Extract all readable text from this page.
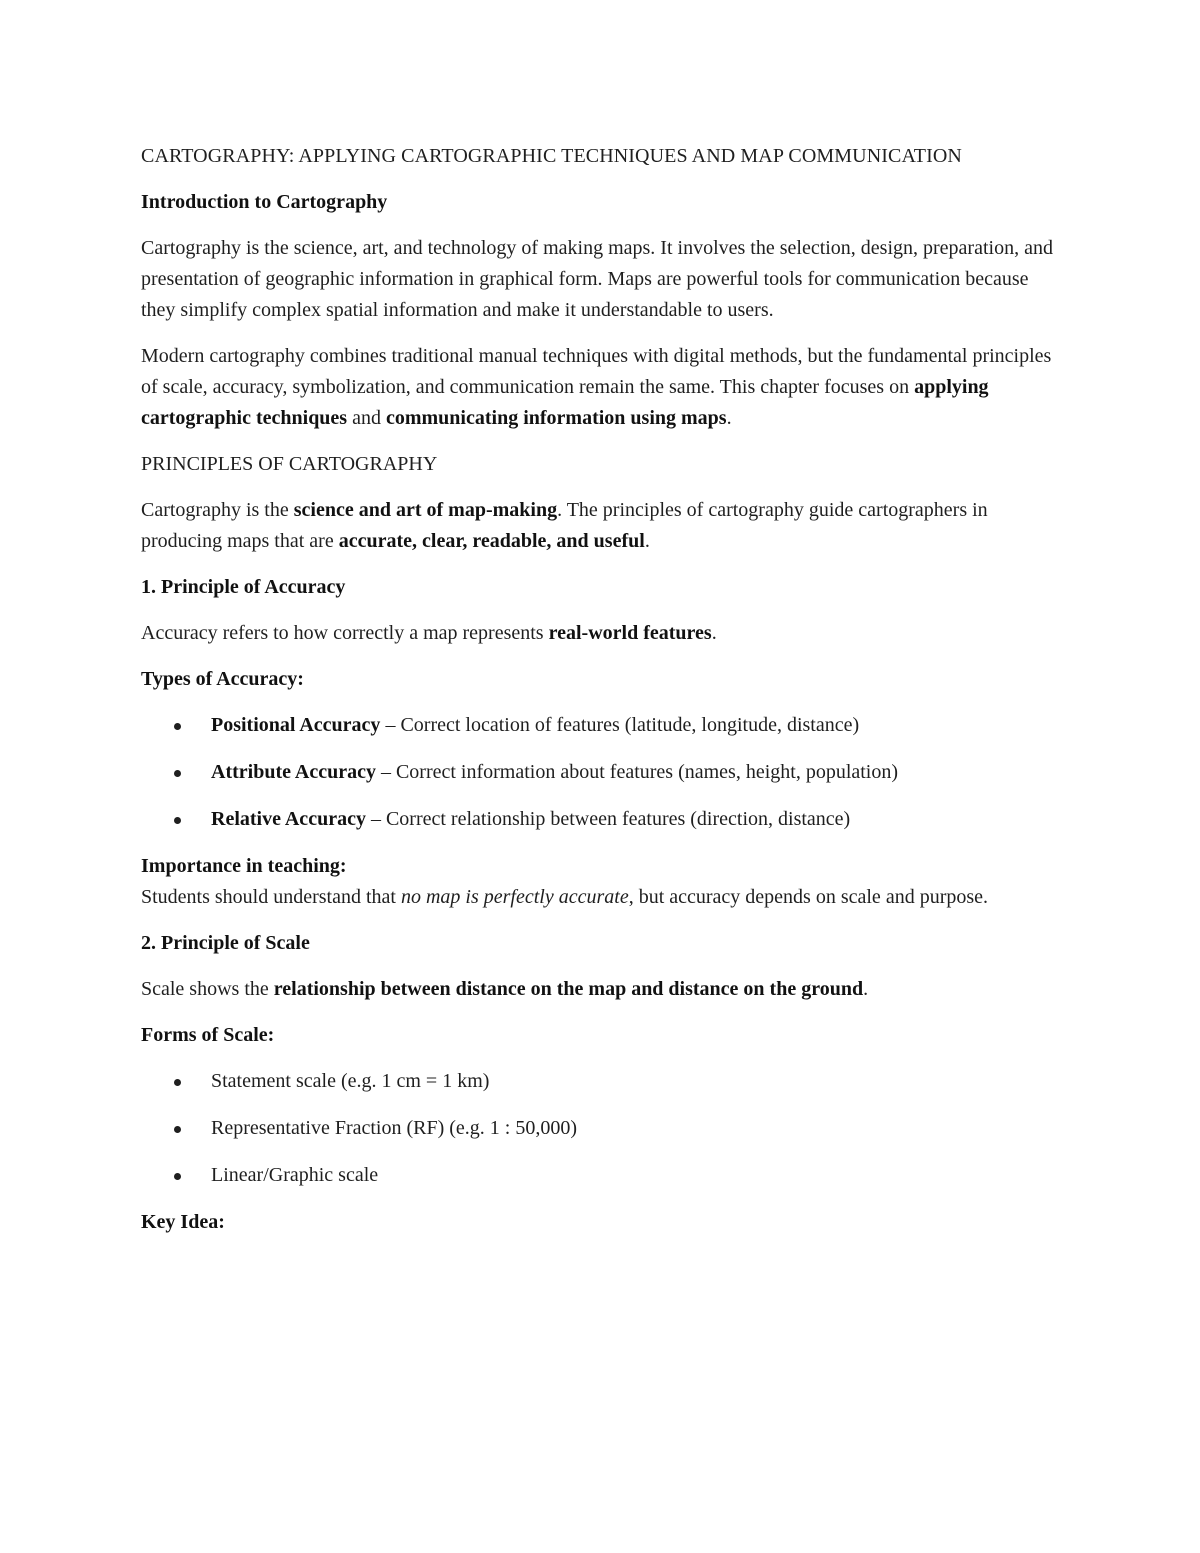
CARTOGRAPHY: APPLYING CARTOGRAPHIC TECHNIQUES AND MAP COMMUNICATION

Introduction to Cartography

Cartography is the science, art, and technology of making maps. It involves the selection, design, preparation, and presentation of geographic information in graphical form. Maps are powerful tools for communication because they simplify complex spatial information and make it understandable to users.

Modern cartography combines traditional manual techniques with digital methods, but the fundamental principles of scale, accuracy, symbolization, and communication remain the same. This chapter focuses on applying cartographic techniques and communicating information using maps.

PRINCIPLES OF CARTOGRAPHY

Cartography is the science and art of map-making. The principles of cartography guide cartographers in producing maps that are accurate, clear, readable, and useful.

1. Principle of Accuracy

Accuracy refers to how correctly a map represents real-world features.

Types of Accuracy:

Positional Accuracy – Correct location of features (latitude, longitude, distance)
Attribute Accuracy – Correct information about features (names, height, population)
Relative Accuracy – Correct relationship between features (direction, distance)

Importance in teaching:

Students should understand that no map is perfectly accurate, but accuracy depends on scale and purpose.

2. Principle of Scale

Scale shows the relationship between distance on the map and distance on the ground.

Forms of Scale:

Statement scale (e.g. 1 cm = 1 km)
Representative Fraction (RF) (e.g. 1 : 50,000)
Linear/Graphic scale

Key Idea:
